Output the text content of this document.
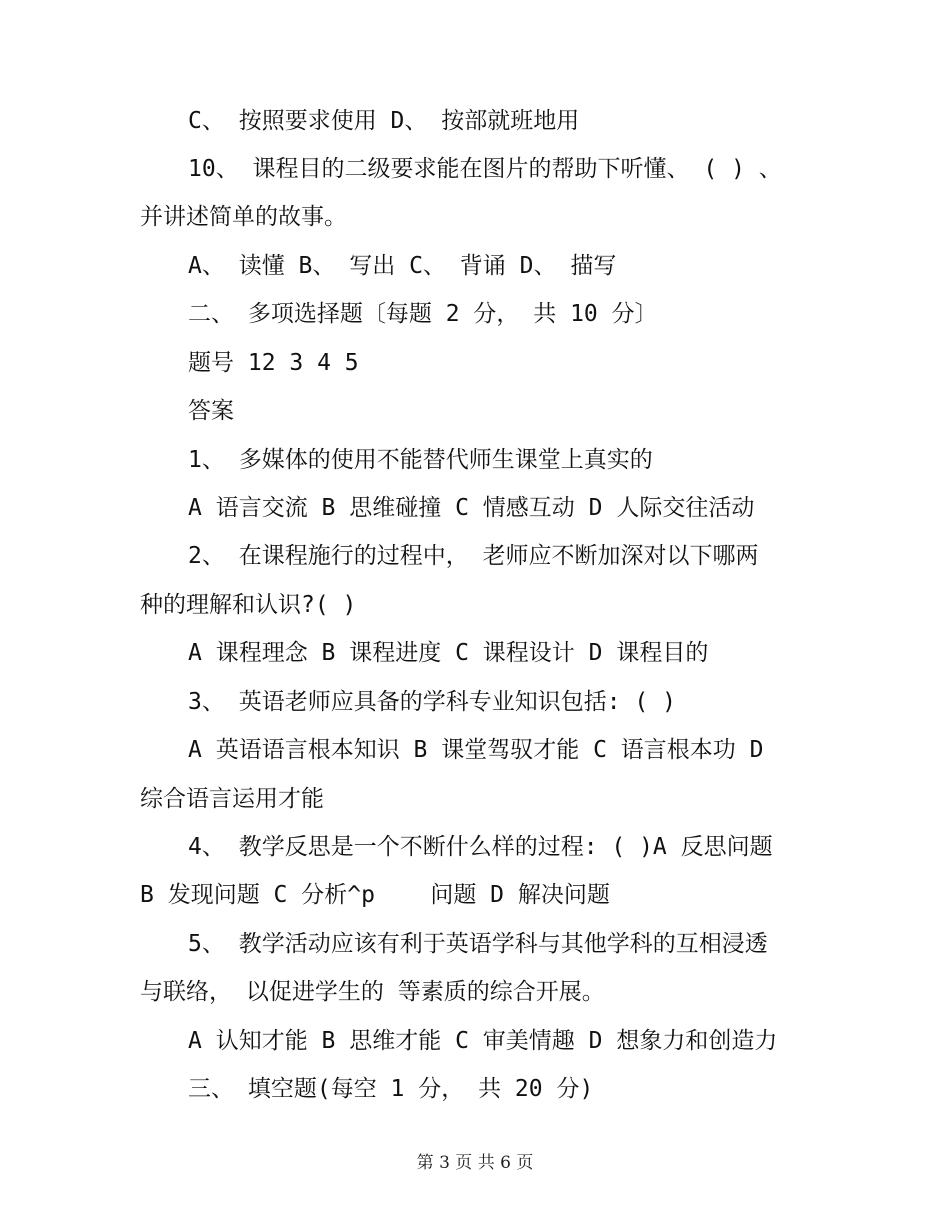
C、 按照要求使用 D、 按部就班地用
10、 课程目的二级要求能在图片的帮助下听懂、 ( ) 、
并讲述简单的故事。
A、 读懂 B、 写出 C、 背诵 D、 描写
二、 多项选择题〔每题 2 分， 共 10 分〕
题号 12 3 4 5
答案
1、 多媒体的使用不能替代师生课堂上真实的
A 语言交流 B 思维碰撞 C 情感互动 D 人际交往活动
2、 在课程施行的过程中， 老师应不断加深对以下哪两
种的理解和认识?( )
A 课程理念 B 课程进度 C 课程设计 D 课程目的
3、 英语老师应具备的学科专业知识包括: ( )
A 英语语言根本知识 B 课堂驾驭才能 C 语言根本功 D
综合语言运用才能
4、 教学反思是一个不断什么样的过程: ( )A 反思问题
B 发现问题 C 分析^p    问题 D 解决问题
5、 教学活动应该有利于英语学科与其他学科的互相浸透
与联络， 以促进学生的 等素质的综合开展。
A 认知才能 B 思维才能 C 审美情趣 D 想象力和创造力
三、 填空题(每空 1 分， 共 20 分)
第 3 页 共 6 页
